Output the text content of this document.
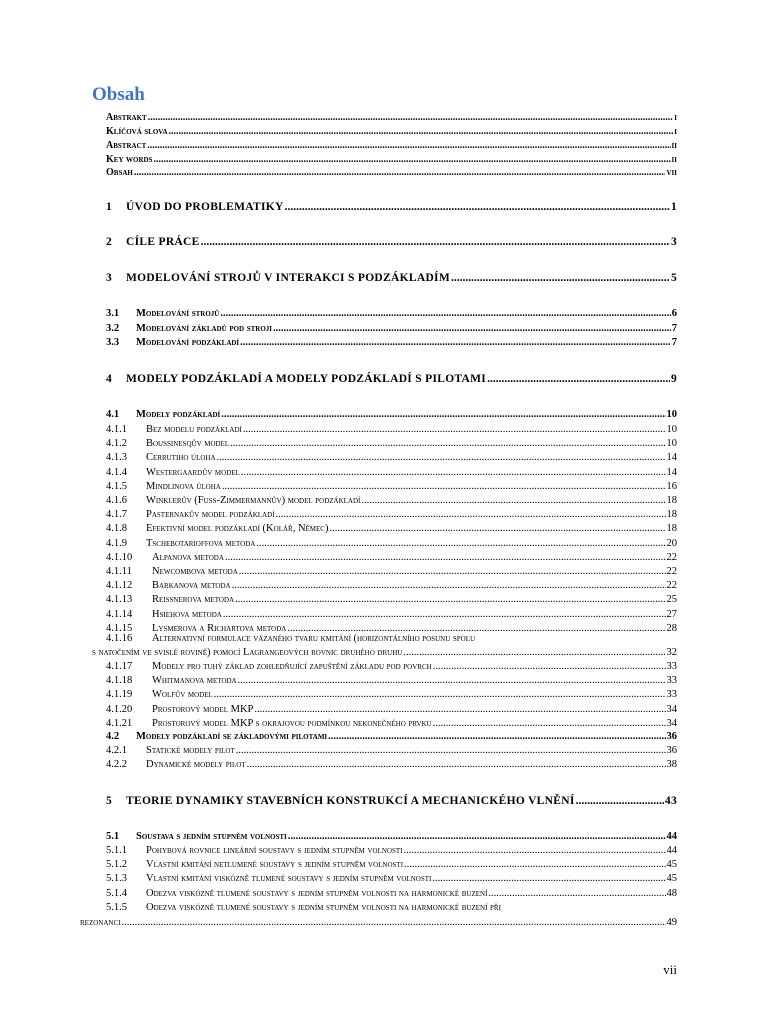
Obsah
Abstrakt .....	i
Klíčová slova .....	i
Abstract .....	ii
Key words .....	ii
Obsah .....	vii
1 ÚVOD DO PROBLEMATIKY .....	1
2 CÍLE PRÁCE .....	3
3 MODELOVÁNÍ STROJŮ V INTERAKCI S PODZÁKLADÍM .....	5
3.1 Modelování strojů .....	6
3.2 Modelování základů pod stroji .....	7
3.3 Modelování podzákladí .....	7
4 MODELY PODZÁKLADÍ A MODELY PODZÁKLADÍ S PILOTAMI .....	9
4.1 Modely podzákladí .....	10
4.1.1 Bez modelu podzákladí .....	10
4.1.2 Boussinesqův model .....	10
4.1.3 Cerrutiho úloha .....	14
4.1.4 Westergaardův model .....	14
4.1.5 Mindlinova úloha .....	16
4.1.6 Winklerův (Fuss-Zimmermannův) model podzákladí .....	18
4.1.7 Pasternakův model podzákladí .....	18
4.1.8 Efektivní model podzákladí (Kolář, Němec) .....	18
4.1.9 Tschebotarioffova metoda .....	20
4.1.10 Alpanova metoda .....	22
4.1.11 Newcombova metoda .....	22
4.1.12 Barkanova metoda .....	22
4.1.13 Reissnerova metoda .....	25
4.1.14 Hsiehova metoda .....	27
4.1.15 Lysmerova a Richartova metoda .....	28
4.1.16 Alternativní formulace vázaného tvaru kmitání (horizontálního posunu spolu
s natočením ve svislé rovině) pomocí Lagrangeových rovnic druhého druhu .....	32
4.1.17 Modely pro tuhý základ zohledňující zapuštění základu pod povrch .....	33
4.1.18 Whitmanova metoda .....	33
4.1.19 Wolfův model .....	33
4.1.20 Prostorový model MKP .....	34
4.1.21 Prostorový model MKP s okrajovou podmínkou nekonečného prvku .....	34
4.2 Modely podzákladí se základovými pilotami .....	36
4.2.1 Statické modely pilot .....	36
4.2.2 Dynamické modely pilot .....	38
5 TEORIE DYNAMIKY STAVEBNÍCH KONSTRUKCÍ A MECHANICKÉHO VLNĚNÍ .....	43
5.1 Soustava s jedním stupněm volnosti .....	44
5.1.1 Pohybová rovnice lineární soustavy s jedním stupněm volnosti .....	44
5.1.2 Vlastní kmitání netlumené soustavy s jedním stupněm volnosti .....	45
5.1.3 Vlastní kmitání viskózně tlumené soustavy s jedním stupněm volnosti .....	45
5.1.4 Odezva viskózně tlumené soustavy s jedním stupněm volnosti na harmonické buzení .....	48
5.1.5 Odezva viskózně tlumené soustavy s jedním stupněm volnosti na harmonické buzení při
rezonanci .....	49
vii
